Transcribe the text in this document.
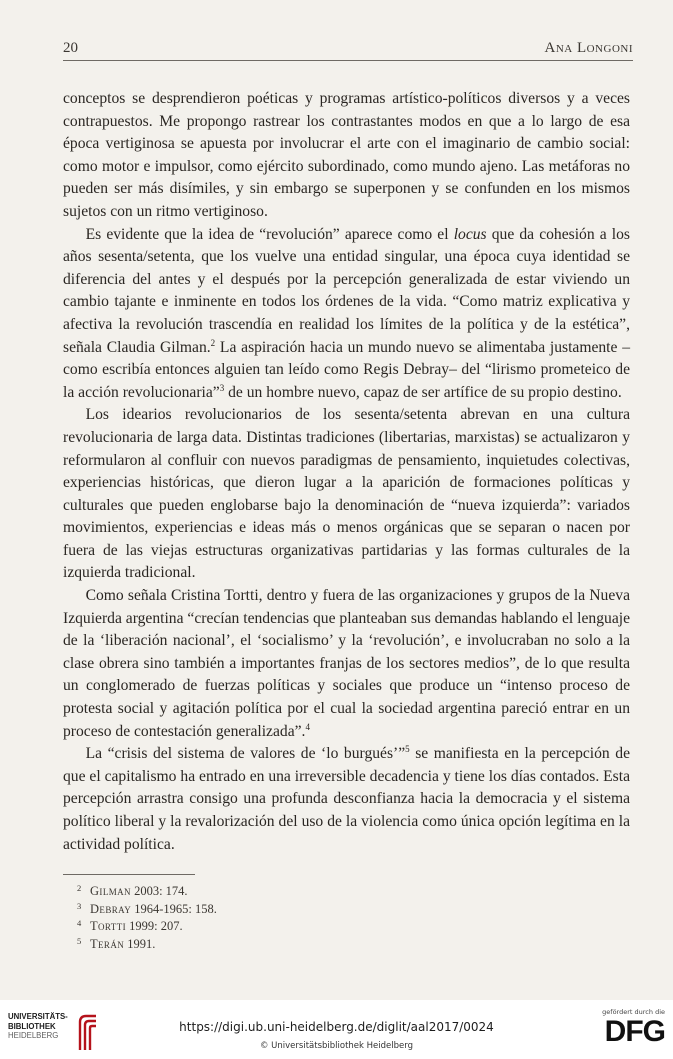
20	Ana Longoni

conceptos se desprendieron poéticas y programas artístico-políticos diversos y a veces contrapuestos. Me propongo rastrear los contrastantes modos en que a lo largo de esa época vertiginosa se apuesta por involucrar el arte con el imaginario de cambio social: como motor e impulsor, como ejército subordinado, como mundo ajeno. Las metáforas no pueden ser más disímiles, y sin embargo se superponen y se confunden en los mismos sujetos con un ritmo vertiginoso.

Es evidente que la idea de “revolución” aparece como el locus que da cohesión a los años sesenta/setenta, que los vuelve una entidad singular, una época cuya identidad se diferencia del antes y el después por la percepción generalizada de estar viviendo un cambio tajante e inminente en todos los órdenes de la vida. “Como matriz explicativa y afectiva la revolución trascendía en realidad los límites de la política y de la estética”, señala Claudia Gilman.$^2$ La aspiración hacia un mundo nuevo se alimentaba justamente –como escribía entonces alguien tan leído como Regis Debray– del “lirismo prometeico de la acción revolucionaria”$^3$ de un hombre nuevo, capaz de ser artífice de su propio destino.

Los idearios revolucionarios de los sesenta/setenta abrevan en una cultura revolucionaria de larga data. Distintas tradiciones (libertarias, marxistas) se actualizaron y reformularon al confluir con nuevos paradigmas de pensamiento, inquietudes colectivas, experiencias históricas, que dieron lugar a la aparición de formaciones políticas y culturales que pueden englobarse bajo la denominación de “nueva izquierda”: variados movimientos, experiencias e ideas más o menos orgánicas que se separan o nacen por fuera de las viejas estructuras organizativas partidarias y las formas culturales de la izquierda tradicional.

Como señala Cristina Tortti, dentro y fuera de las organizaciones y grupos de la Nueva Izquierda argentina “crecían tendencias que planteaban sus demandas hablando el lenguaje de la ‘liberación nacional’, el ‘socialismo’ y la ‘revolución’, e involucraban no solo a la clase obrera sino también a importantes franjas de los sectores medios”, de lo que resulta un conglomerado de fuerzas políticas y sociales que produce un “intenso proceso de protesta social y agitación política por el cual la sociedad argentina pareció entrar en un proceso de contestación generalizada”.$^4$

La “crisis del sistema de valores de ‘lo burgués’”$^5$ se manifiesta en la percepción de que el capitalismo ha entrado en una irreversible decadencia y tiene los días contados. Esta percepción arrastra consigo una profunda desconfianza hacia la democracia y el sistema político liberal y la revalorización del uso de la violencia como única opción legítima en la actividad política.

2 Gilman 2003: 174.
3 Debray 1964-1965: 158.
4 Tortti 1999: 207.
5 Terán 1991.
UNIVERSITÄTS-
BIBLIOTHEK
HEIDELBERG
https://digi.ub.uni-heidelberg.de/diglit/aal2017/0024
© Universitätsbibliothek Heidelberg
gefördert durch die
DFG
